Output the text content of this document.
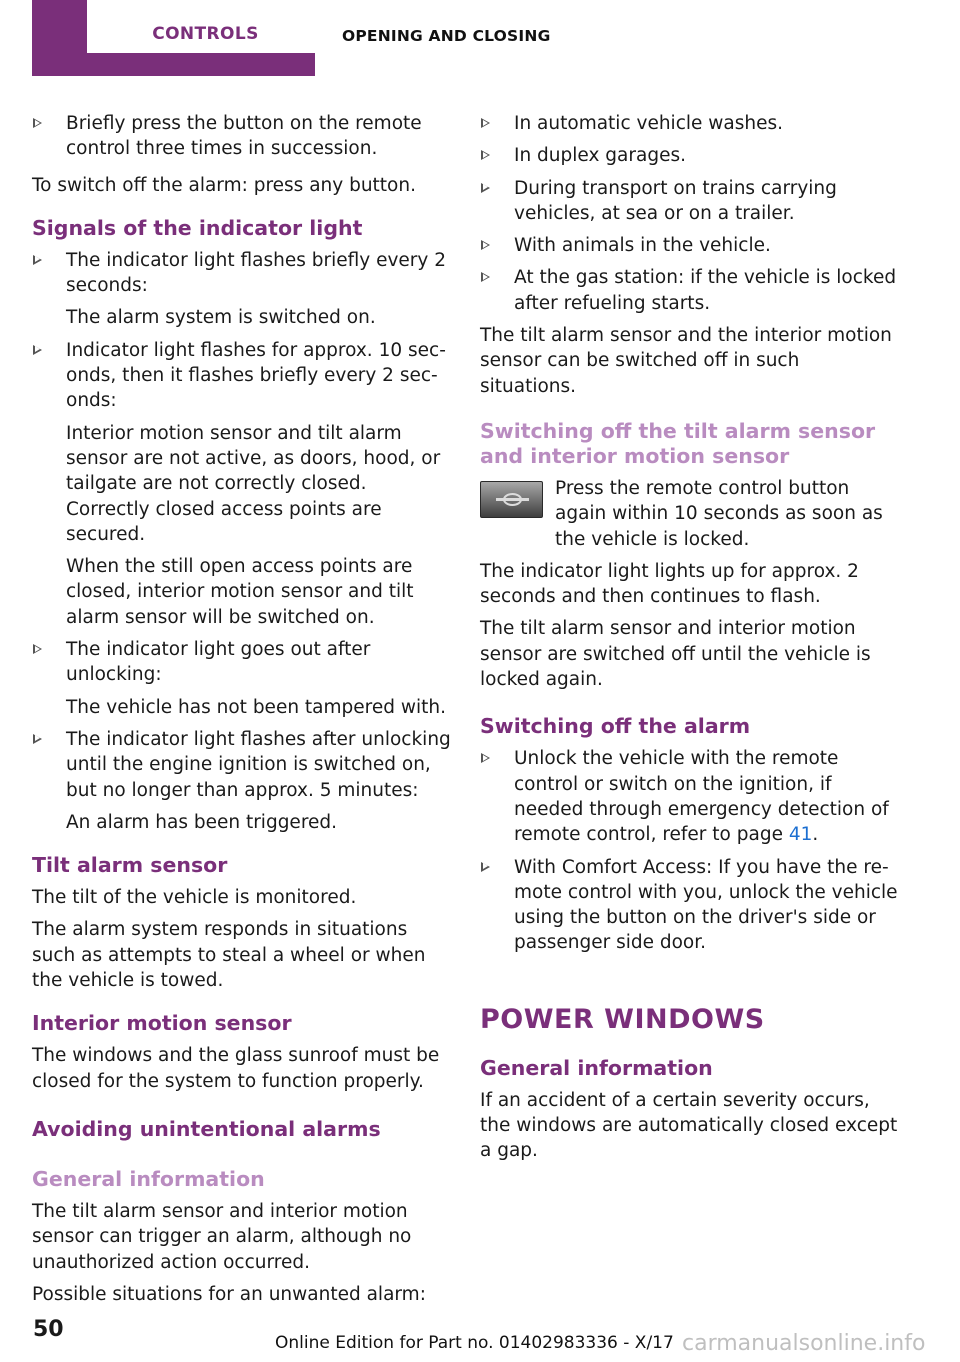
CONTROLS	OPENING AND CLOSING
Briefly press the button on the remote control three times in succession.
To switch off the alarm: press any button.
Signals of the indicator light
The indicator light flashes briefly every 2 seconds:
The alarm system is switched on.
Indicator light flashes for approx. 10 seconds, then it flashes briefly every 2 seconds:
Interior motion sensor and tilt alarm sensor are not active, as doors, hood, or tailgate are not correctly closed. Correctly closed access points are secured.
When the still open access points are closed, interior motion sensor and tilt alarm sensor will be switched on.
The indicator light goes out after unlocking:
The vehicle has not been tampered with.
The indicator light flashes after unlocking until the engine ignition is switched on, but no longer than approx. 5 minutes:
An alarm has been triggered.
Tilt alarm sensor
The tilt of the vehicle is monitored.
The alarm system responds in situations such as attempts to steal a wheel or when the vehicle is towed.
Interior motion sensor
The windows and the glass sunroof must be closed for the system to function properly.
Avoiding unintentional alarms
General information
The tilt alarm sensor and interior motion sensor can trigger an alarm, although no unauthorized action occurred.
Possible situations for an unwanted alarm:
In automatic vehicle washes.
In duplex garages.
During transport on trains carrying vehicles, at sea or on a trailer.
With animals in the vehicle.
At the gas station: if the vehicle is locked after refueling starts.
The tilt alarm sensor and the interior motion sensor can be switched off in such situations.
Switching off the tilt alarm sensor and interior motion sensor
Press the remote control button again within 10 seconds as soon as the vehicle is locked.
The indicator light lights up for approx. 2 seconds and then continues to flash.
The tilt alarm sensor and interior motion sensor are switched off until the vehicle is locked again.
Switching off the alarm
Unlock the vehicle with the remote control or switch on the ignition, if needed through emergency detection of remote control, refer to page 41.
With Comfort Access: If you have the remote control with you, unlock the vehicle using the button on the driver's side or passenger side door.
POWER WINDOWS
General information
If an accident of a certain severity occurs, the windows are automatically closed except a gap.
50
Online Edition for Part no. 01402983336 - X/17 carmanualsonline.info
